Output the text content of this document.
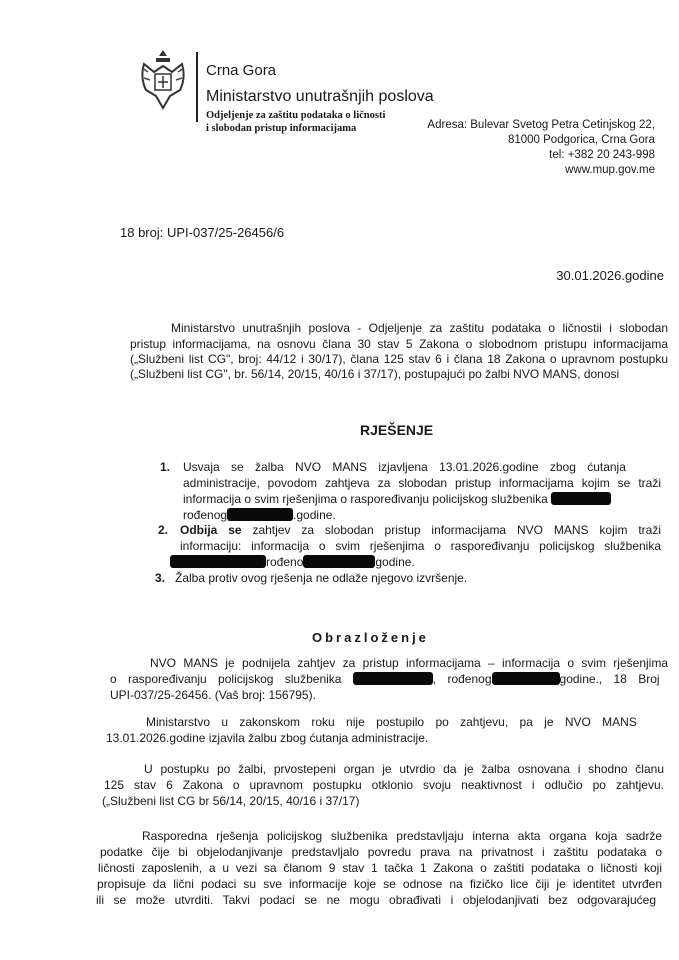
Crna Gora
Ministarstvo unutrašnjih poslova
Odjeljenje za zaštitu podataka o ličnosti
i slobodan pristup informacijama	Adresa: Bulevar Svetog Petra Cetinjskog 22,
81000 Podgorica, Crna Gora
tel: +382 20 243-998
www.mup.gov.me
18 broj: UPI-037/25-26456/6
30.01.2026.godine
Ministarstvo unutrašnjih poslova - Odjeljenje za zaštitu podataka o ličnostii i slobodan
pristup informacijama, na osnovu člana 30 stav 5 Zakona o slobodnom pristupu informacijama
(„Službeni list CG", broj: 44/12 i 30/17), člana 125 stav 6 i člana 18 Zakona o upravnom postupku
(„Službeni list CG", br. 56/14, 20/15, 40/16 i 37/17), postupajući po žalbi NVO MANS, donosi
RJEŠENJE
1. Usvaja se žalba NVO MANS izjavljena 13.01.2026.godine zbog ćutanja
administracije, povodom zahtjeva za slobodan pristup informacijama kojim se traži
informacija o svim rješenjima o raspoređivanju policijskog službenika
rođenog	.godine.
2. Odbija se zahtjev za slobodan pristup informacijama NVO MANS kojim traži
informaciju: informacija o svim rješenjima o raspoređivanju policijskog službenika
rođeno	godine.
3. Žalba protiv ovog rješenja ne odlaže njegovo izvršenje.
Obrazloženje
NVO MANS je podnijela zahtjev za pristup informacijama – informacija o svim rješenjima
o raspoređivanju policijskog službenika	, rođenog	godine., 18 Broj
UPI-037/25-26456. (Vaš broj: 156795).
Ministarstvo u zakonskom roku nije postupilo po zahtjevu, pa je NVO MANS
13.01.2026.godine izjavila žalbu zbog ćutanja administracije.
U postupku po žalbi, prvostepeni organ je utvrdio da je žalba osnovana i shodno članu
125 stav 6 Zakona o upravnom postupku otklonio svoju neaktivnost i odlučio po zahtjevu.
(„Službeni list CG br 56/14, 20/15, 40/16 i 37/17)
Rasporedna rješenja policijskog službenika predstavljaju interna akta organa koja sadrže
podatke čije bi objelodanjivanje predstavljalo povredu prava na privatnost i zaštitu podataka o
ličnosti zaposlenih, a u vezi sa članom 9 stav 1 tačka 1 Zakona o zaštiti podataka o ličnosti koji
propisuje da lični podaci su sve informacije koje se odnose na fizičko lice čiji je identitet utvrđen
ili se može utvrditi. Takvi podaci se ne mogu obrađivati i objelodanjivati bez odgovarajućeg
